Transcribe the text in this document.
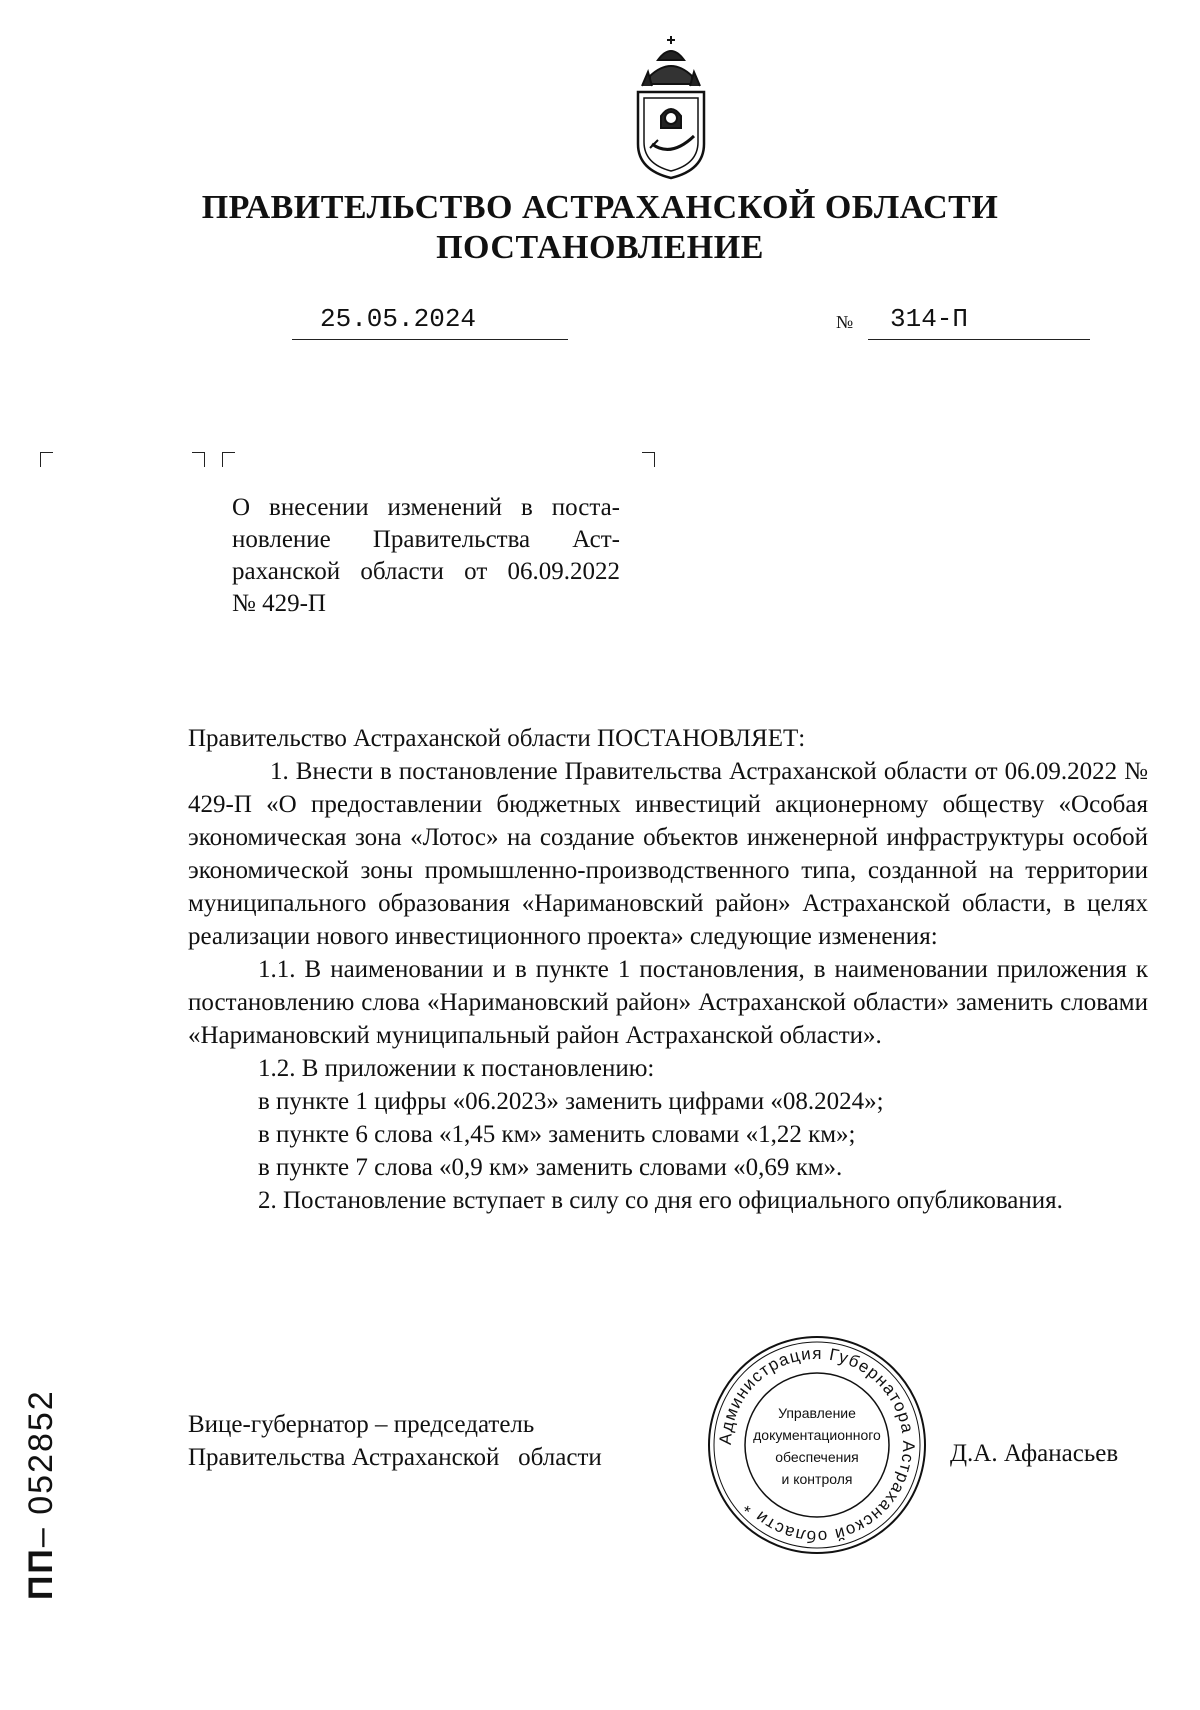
ПРАВИТЕЛЬСТВО АСТРАХАНСКОЙ ОБЛАСТИ
ПОСТАНОВЛЕНИЕ
25.05.2024	№ 314-П
О внесении изменений в поста-
новление Правительства Аст-
раханской области от 06.09.2022
№ 429-П

Правительство Астраханской области ПОСТАНОВЛЯЕТ:

1. Внести в постановление Правительства Астраханской области от 06.09.2022 № 429-П «О предоставлении бюджетных инвестиций акционерному обществу «Особая экономическая зона «Лотос» на создание объектов инженерной инфраструктуры особой экономической зоны промышленно-производственного типа, созданной на территории муниципального образования «Наримановский район» Астраханской области, в целях реализации нового инвестиционного проекта» следующие изменения:

1.1. В наименовании и в пункте 1 постановления, в наименовании приложения к постановлению слова «Наримановский район» Астраханской области» заменить словами «Наримановский муниципальный район Астраханской области».

1.2. В приложении к постановлению:

в пункте 1 цифры «06.2023» заменить цифрами «08.2024»;

в пункте 6 слова «1,45 км» заменить словами «1,22 км»;

в пункте 7 слова «0,9 км» заменить словами «0,69 км».

2. Постановление вступает в силу со дня его официального опубликования.

Вице-губернатор – председатель
Правительства Астраханской   области	Д.А. Афанасьев
Администрация Губернатора Астраханской области *
Управление
документационного
обеспечения
и контроля
ПП– 052852
